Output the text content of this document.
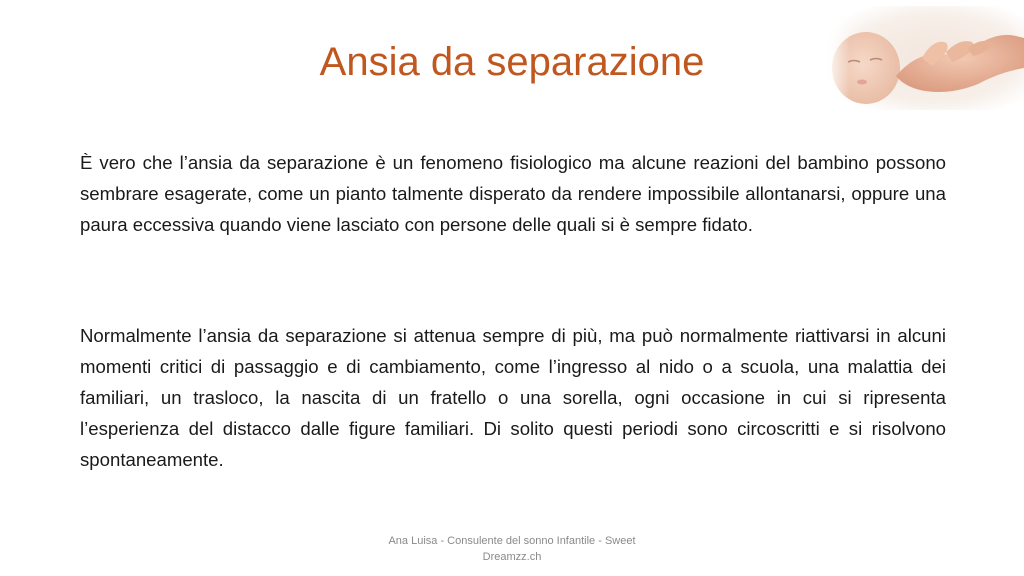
Ansia da separazione

È vero che l’ansia da separazione è un fenomeno fisiologico ma alcune reazioni del bambino possono sembrare esagerate, come un pianto talmente disperato da rendere impossibile allontanarsi, oppure una paura eccessiva quando viene lasciato con persone delle quali si è sempre fidato.

Normalmente l’ansia da separazione si attenua sempre di più, ma può normalmente riattivarsi in alcuni momenti critici di passaggio e di cambiamento, come l’ingresso al nido o a scuola, una malattia dei familiari, un trasloco, la nascita di un fratello o una sorella, ogni occasione in cui si ripresenta l’esperienza del distacco dalle figure familiari. Di solito questi periodi sono circoscritti e si risolvono spontaneamente.

Ana Luisa - Consulente del sonno Infantile - Sweet Dreamzz.ch
